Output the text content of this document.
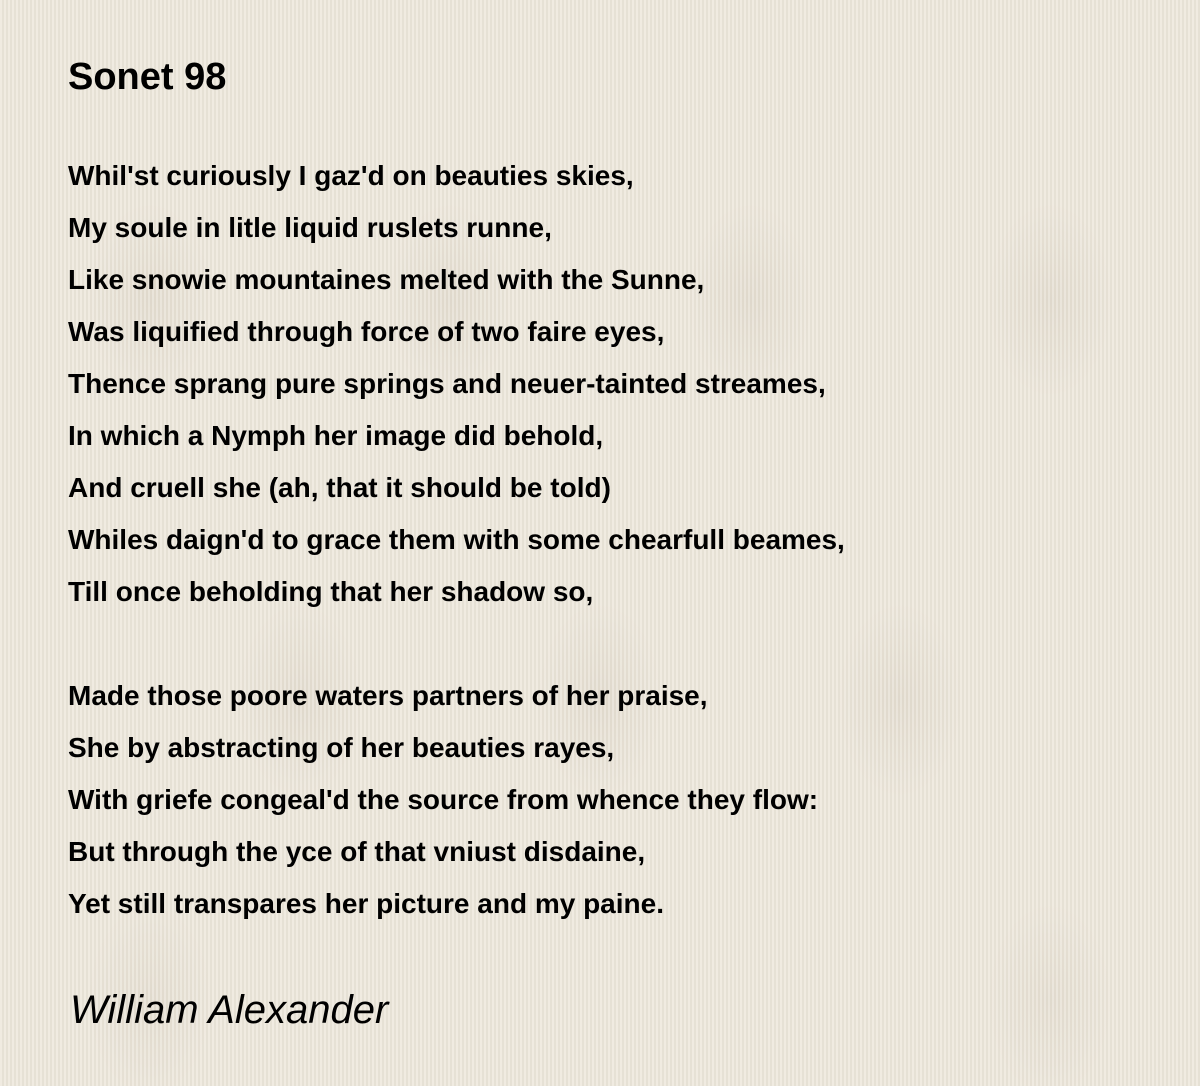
Sonet 98
Whil'st curiously I gaz'd on beauties skies,
My soule in litle liquid ruslets runne,
Like snowie mountaines melted with the Sunne,
Was liquified through force of two faire eyes,
Thence sprang pure springs and neuer-tainted streames,
In which a Nymph her image did behold,
And cruell she (ah, that it should be told)
Whiles daign'd to grace them with some chearfull beames,
Till once beholding that her shadow so,
Made those poore waters partners of her praise,
She by abstracting of her beauties rayes,
With griefe congeal'd the source from whence they flow:
But through the yce of that vniust disdaine,
Yet still transpares her picture and my paine.

William Alexander
